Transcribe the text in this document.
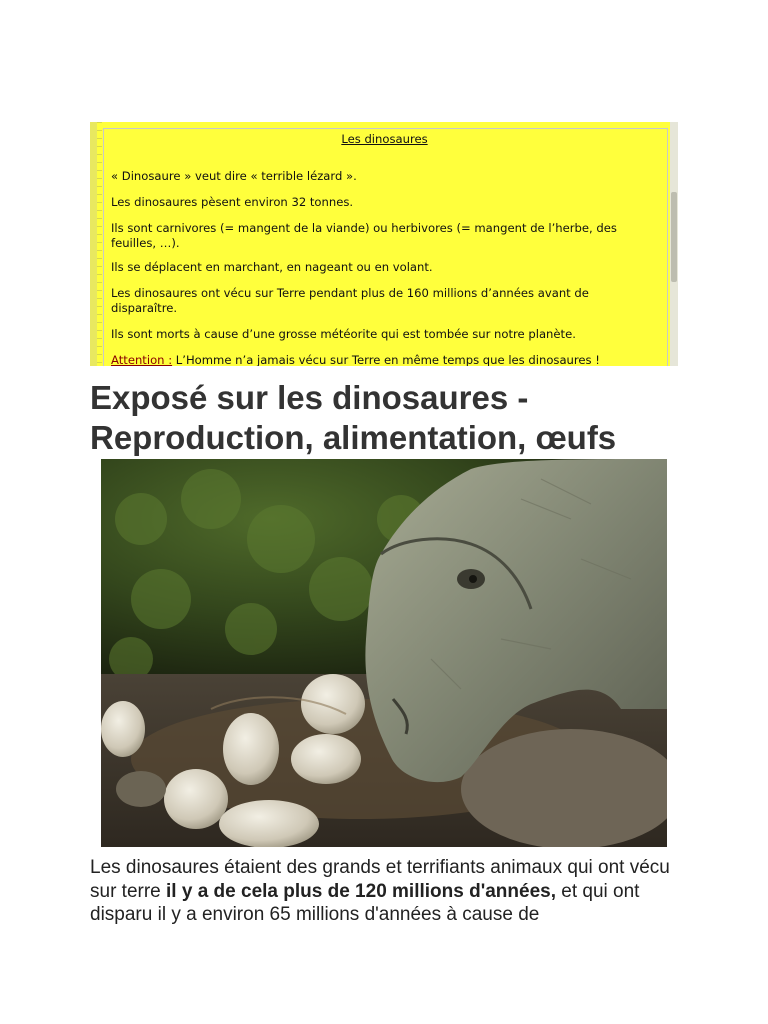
Les dinosaures

« Dinosaure » veut dire « terrible lézard ».

Les dinosaures pèsent environ 32 tonnes.

Ils sont carnivores (= mangent de la viande) ou herbivores (= mangent de l’herbe, des feuilles, …).

Ils se déplacent en marchant, en nageant ou en volant.

Les dinosaures ont vécu sur Terre pendant plus de 160 millions d’années avant de disparaître.

Ils sont morts à cause d’une grosse météorite qui est tombée sur notre planète.

Attention : L’Homme n’a jamais vécu sur Terre en même temps que les dinosaures !

Exposé sur les dinosaures - Reproduction, alimentation, œufs

Les dinosaures étaient des grands et terrifiants animaux qui ont vécu sur terre il y a de cela plus de 120 millions d'années, et qui ont disparu il y a environ 65 millions d'années à cause de
